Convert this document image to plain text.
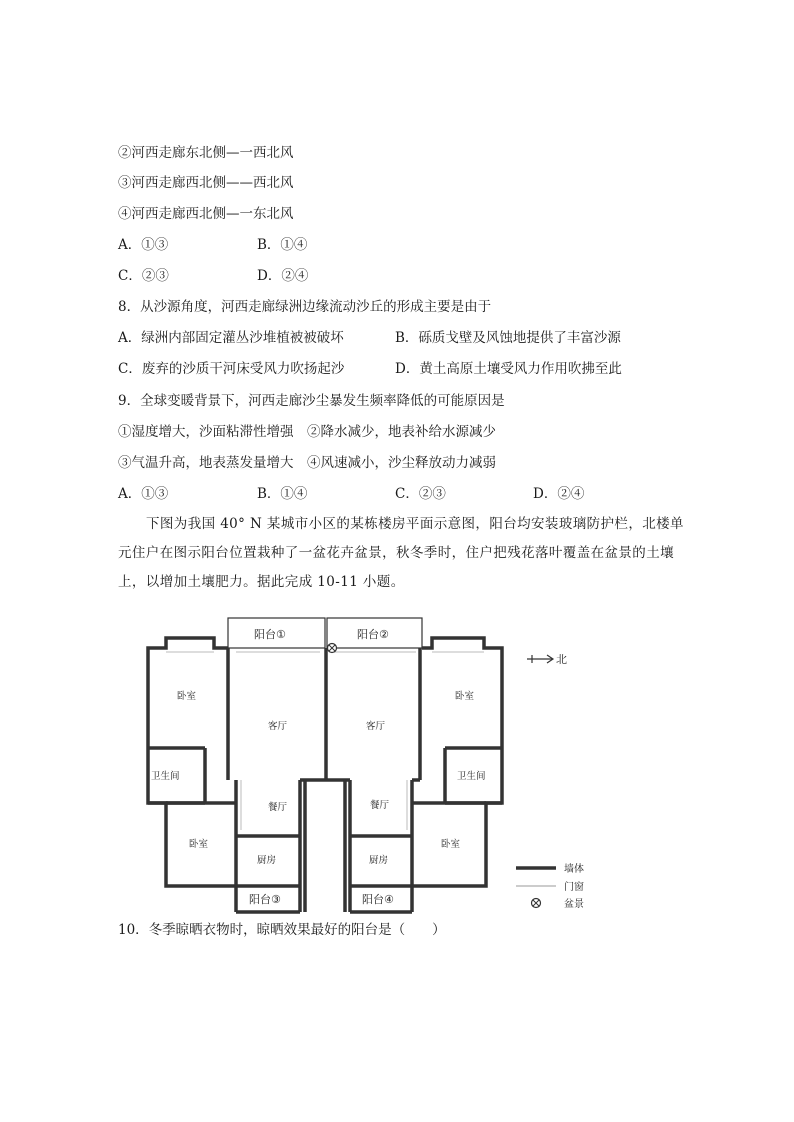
②河西走廊东北侧—一西北风
③河西走廊西北侧——西北风
④河西走廊西北侧—一东北风
A．①③	B．①④
C．②③	D．②④
8．从沙源角度，河西走廊绿洲边缘流动沙丘的形成主要是由于
A．绿洲内部固定灌丛沙堆植被被破坏	B．砾质戈壁及风蚀地提供了丰富沙源
C．废弃的沙质干河床受风力吹扬起沙	D．黄土高原土壤受风力作用吹拂至此
9．全球变暖背景下，河西走廊沙尘暴发生频率降低的可能原因是
①湿度增大，沙面粘滞性增强　②降水减少，地表补给水源减少
③气温升高，地表蒸发量增大　④风速减小，沙尘释放动力减弱
A．①③	B．①④	C．②③	D．②④
下图为我国 40° N 某城市小区的某栋楼房平面示意图，阳台均安装玻璃防护栏，北楼单元住户在图示阳台位置栽种了一盆花卉盆景，秋冬季时，住户把残花落叶覆盖在盆景的土壤上，以增加土壤肥力。据此完成 10-11 小题。
阳台①	阳台②
阳台③	阳台④
卧室	卧室
客厅	客厅
卫生间	卫生间
餐厅	餐厅
卧室	卧室
厨房	厨房
北
墙体
门窗
盆景
10．冬季晾晒衣物时，晾晒效果最好的阳台是（　　）
